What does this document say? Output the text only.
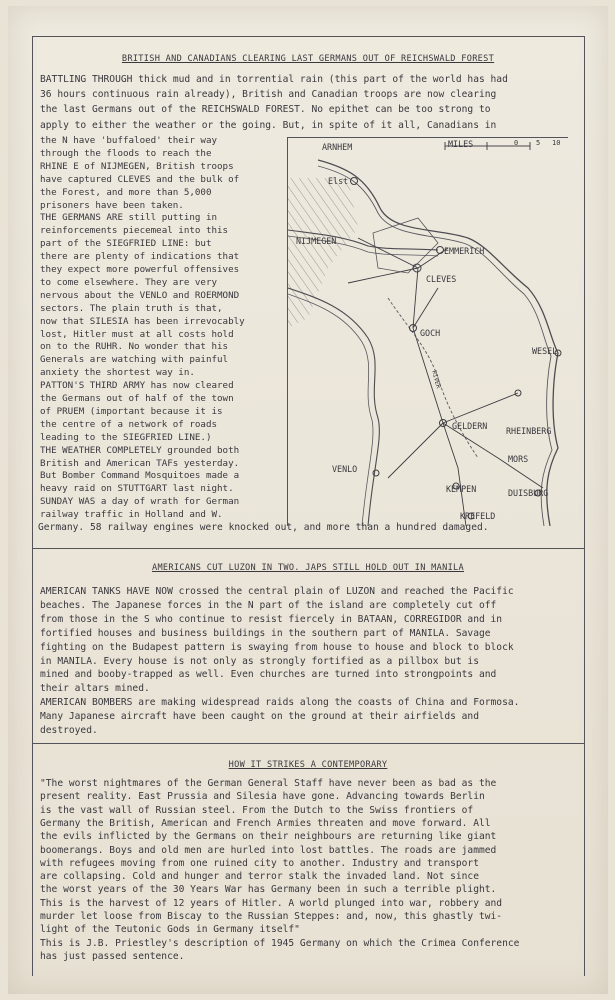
BRITISH AND CANADIANS CLEARING LAST GERMANS OUT OF REICHSWALD FOREST
BATTLING THROUGH thick mud and in torrential rain (this part of the world has had
36 hours continuous rain already), British and Canadian troops are now clearing
the last Germans out of the REICHSWALD FOREST. No epithet can be too strong to
apply to either the weather or the going. But, in spite of it all, Canadians in
the N have 'buffaloed' their way
through the floods to reach the
RHINE E of NIJMEGEN, British troops
have captured CLEVES and the bulk of
the Forest, and more than 5,000
prisoners have been taken.
THE GERMANS ARE still putting in
reinforcements piecemeal into this
part of the SIEGFRIED LINE: but
there are plenty of indications that
they expect more powerful offensives
to come elsewhere. They are very
nervous about the VENLO and ROERMOND
sectors. The plain truth is that,
now that SILESIA has been irrevocably
lost, Hitler must at all costs hold
on to the RUHR. No wonder that his
Generals are watching with painful
anxiety the shortest way in.
PATTON'S THIRD ARMY has now cleared
the Germans out of half of the town
of PRUEM (important because it is
the centre of a network of roads
leading to the SIEGFRIED LINE.)
THE WEATHER COMPLETELY grounded both
British and American TAFs yesterday.
But Bomber Command Mosquitoes made a
heavy raid on STUTTGART last night.
SUNDAY WAS a day of wrath for German
railway traffic in Holland and W.
Germany. 58 railway engines were knocked out, and more than a hundred damaged.
MILES	0	5 10
ARNHEM
Elst
NIJMEGEN
EMMERICH
CLEVES
GOCH
WESEL
GELDERN RHEINBERG
MORS
VENLO
KEMPEN	DUISBURG
KREFELD
RIVER
AMERICANS CUT LUZON IN TWO. JAPS STILL HOLD OUT IN MANILA
AMERICAN TANKS HAVE NOW crossed the central plain of LUZON and reached the Pacific
beaches. The Japanese forces in the N part of the island are completely cut off
from those in the S who continue to resist fiercely in BATAAN, CORREGIDOR and in
fortified houses and business buildings in the southern part of MANILA. Savage
fighting on the Budapest pattern is swaying from house to house and block to block
in MANILA. Every house is not only as strongly fortified as a pillbox but is
mined and booby-trapped as well. Even churches are turned into strongpoints and
their altars mined.
AMERICAN BOMBERS are making widespread raids along the coasts of China and Formosa.
Many Japanese aircraft have been caught on the ground at their airfields and
destroyed.
HOW IT STRIKES A CONTEMPORARY
"The worst nightmares of the German General Staff have never been as bad as the
present reality. East Prussia and Silesia have gone. Advancing towards Berlin
is the vast wall of Russian steel. From the Dutch to the Swiss frontiers of
Germany the British, American and French Armies threaten and move forward. All
the evils inflicted by the Germans on their neighbours are returning like giant
boomerangs. Boys and old men are hurled into lost battles. The roads are jammed
with refugees moving from one ruined city to another. Industry and transport
are collapsing. Cold and hunger and terror stalk the invaded land. Not since
the worst years of the 30 Years War has Germany been in such a terrible plight.
This is the harvest of 12 years of Hitler. A world plunged into war, robbery and
murder let loose from Biscay to the Russian Steppes: and, now, this ghastly twi-
light of the Teutonic Gods in Germany itself"
This is J.B. Priestley's description of 1945 Germany on which the Crimea Conference
has just passed sentence.
